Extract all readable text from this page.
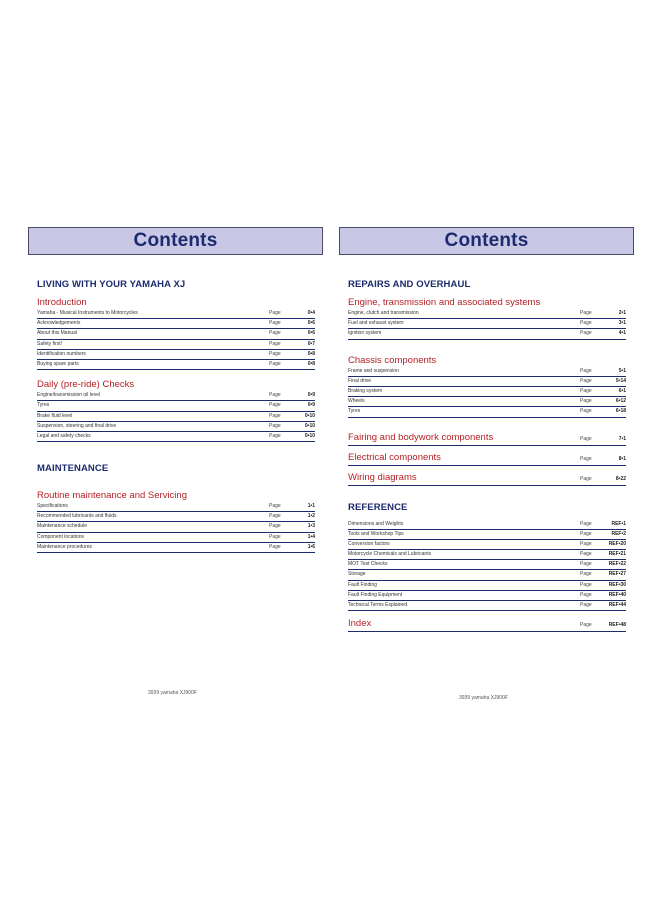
Contents
LIVING WITH YOUR YAMAHA XJ
Introduction
Yamaha - Musical Instruments to Motorcycles	Page	0•4
Acknowledgements	Page	0•6
About this Manual	Page	0•6
Safety first!	Page	0•7
Identification numbers	Page	0•8
Buying spare parts	Page	0•8
Daily (pre-ride) Checks
Engine/transmission oil level	Page	0•9
Tyres	Page	0•9
Brake fluid level	Page	0•10
Suspension, steering and final drive	Page	0•10
Legal and safety checks	Page	0•10
MAINTENANCE
Routine maintenance and Servicing
Specifications	Page	1•1
Recommended lubricants and fluids	Page	1•2
Maintenance schedule	Page	1•3
Component locations	Page	1•4
Maintenance procedures	Page	1•6
3939 yamaha XJ900F
Contents
REPAIRS AND OVERHAUL
Engine, transmission and associated systems
Engine, clutch and transmission	Page	2•1
Fuel and exhaust system	Page	3•1
Ignition system	Page	4•1
Chassis components
Frame and suspension	Page	5•1
Final drive	Page	5•14
Braking system	Page	6•1
Wheels	Page	6•12
Tyres	Page	6•18
Fairing and bodywork components	Page	7•1
Electrical components	Page	8•1
Wiring diagrams	Page	8•22
REFERENCE
Dimensions and Weights	Page	REF•1
Tools and Workshop Tips	Page	REF•2
Conversion factors	Page	REF•20
Motorcycle Chemicals and Lubricants	Page	REF•21
MOT Test Checks	Page	REF•22
Storage	Page	REF•27
Fault Finding	Page	REF•30
Fault Finding Equipment	Page	REF•40
Technical Terms Explained	Page	REF•44
Index	Page	REF•48
3939 yamaha XJ900F
